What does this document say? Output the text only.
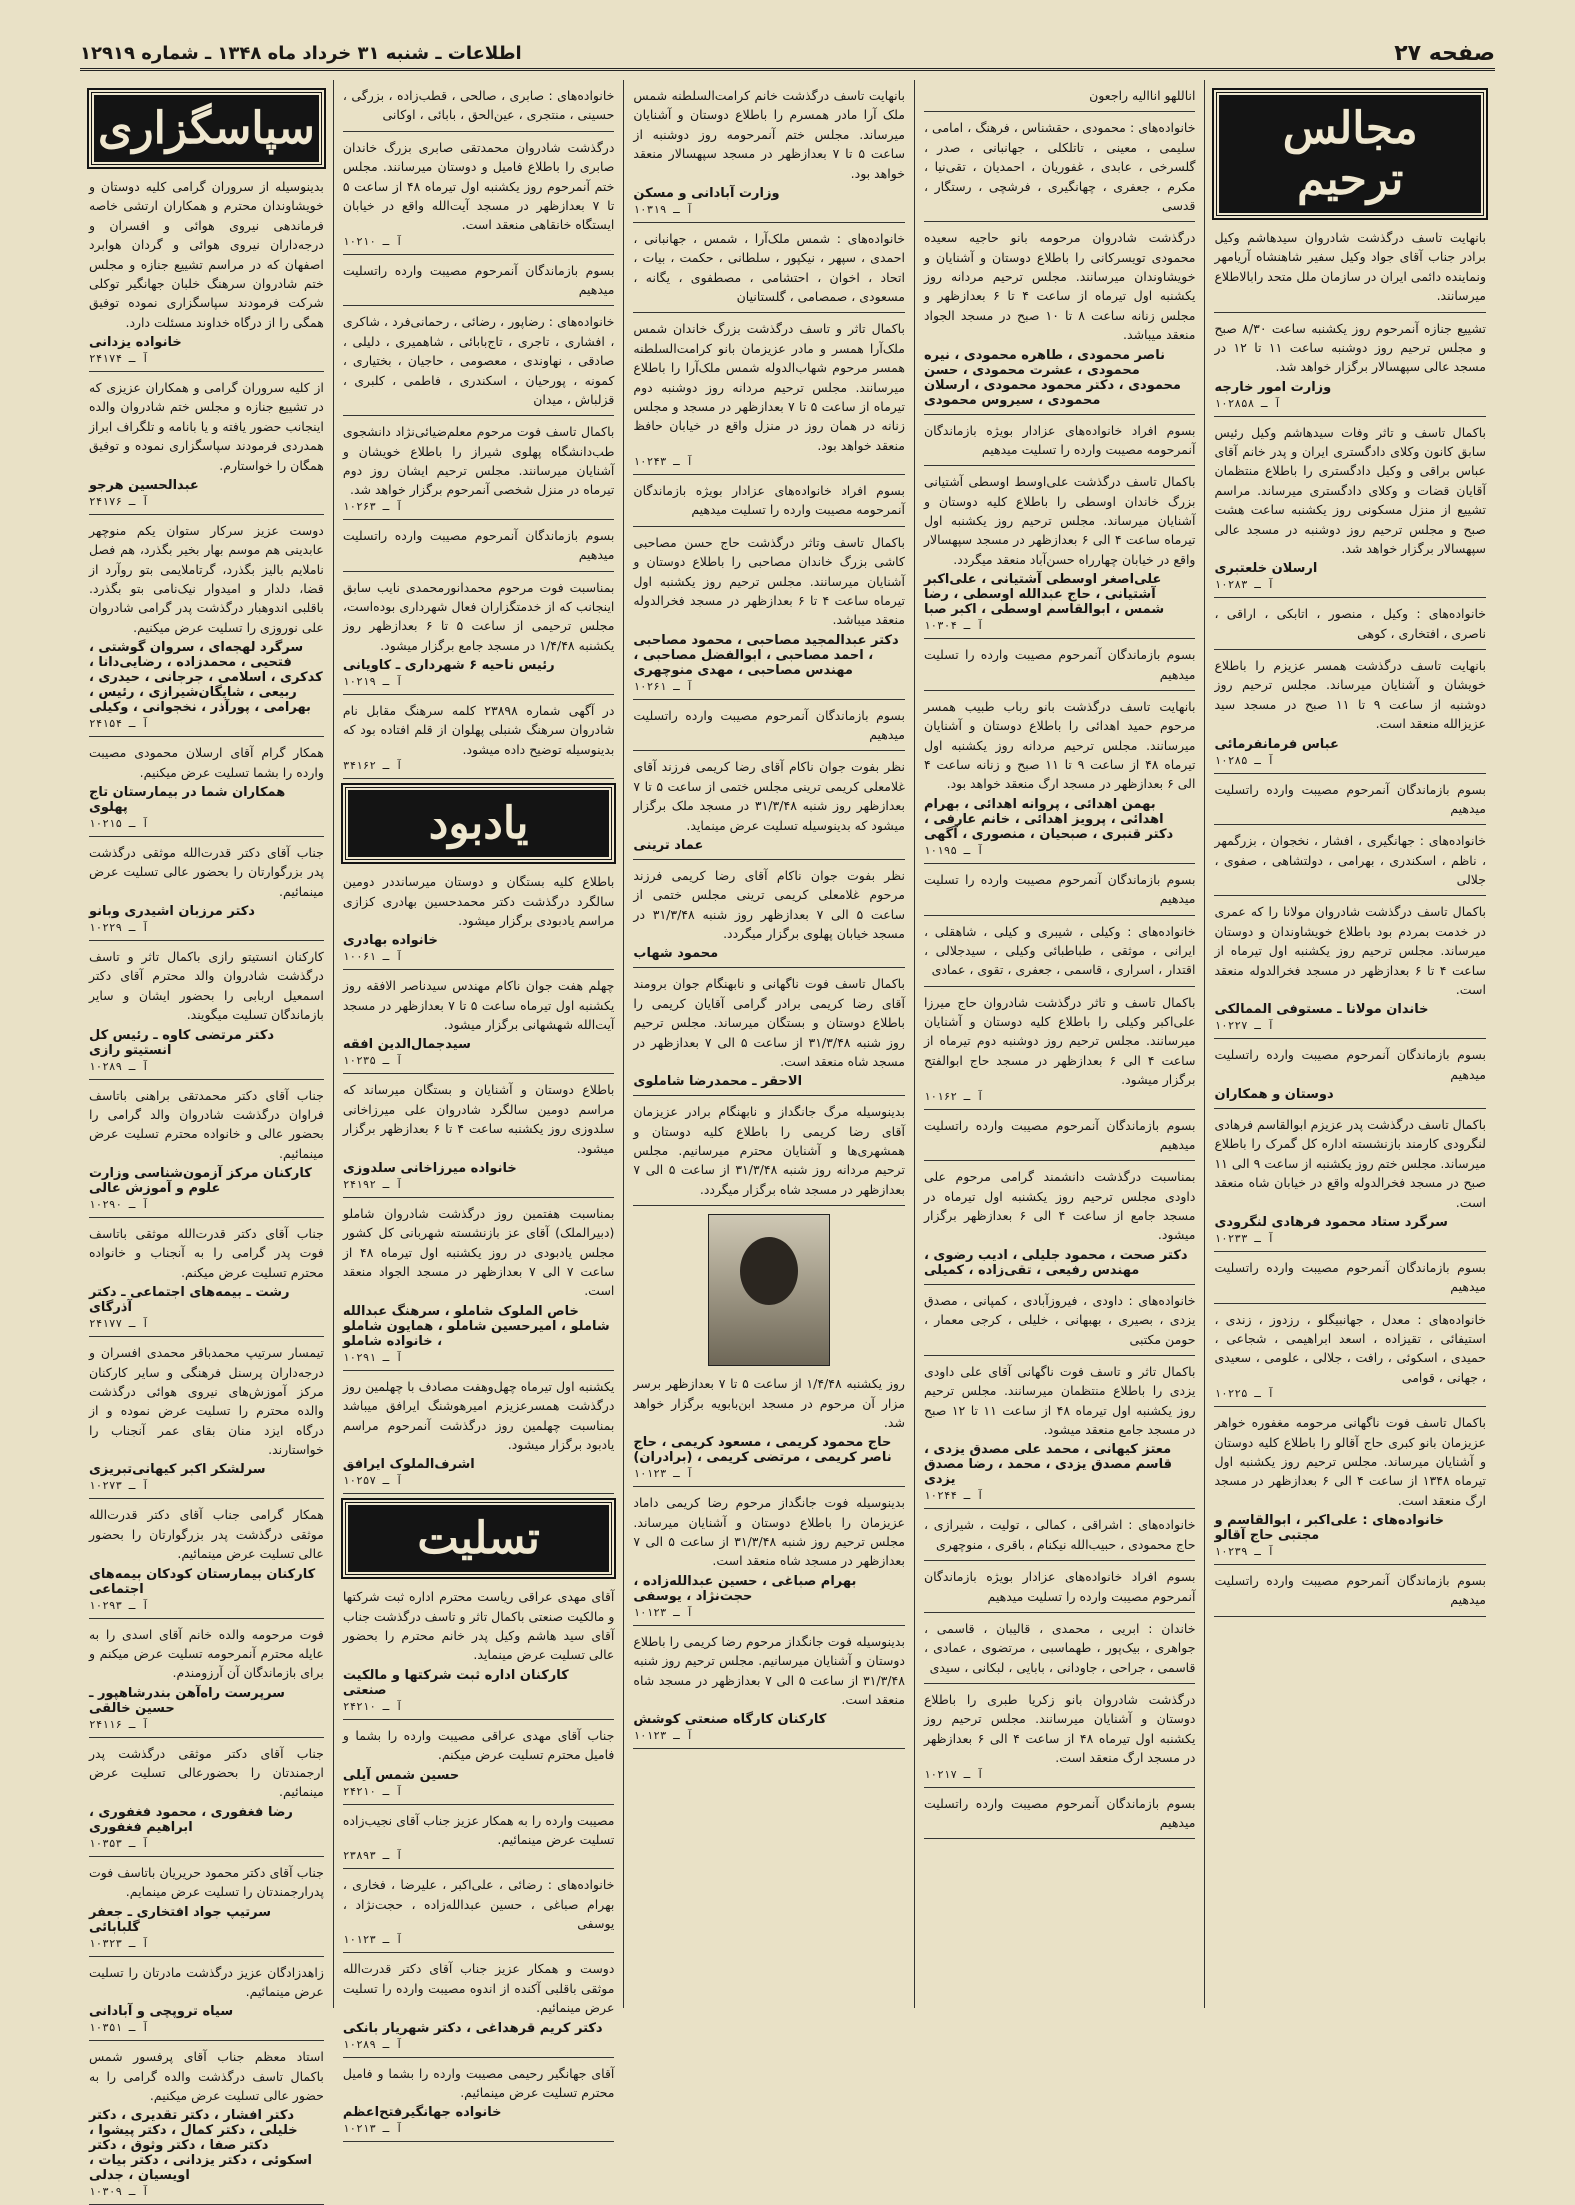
صفحه ۲۷
اطلاعات ـ شنبه ۳۱ خرداد ماه ۱۳۴۸ ـ شماره ۱۲۹۱۹
مجالس ترحیم

بانهایت تاسف درگذشت شادروان سیدهاشم وکیل برادر جناب آقای جواد وکیل سفیر شاهنشاه آریامهر ونماینده دائمی ایران در سازمان ملل متحد رابالاطلاع میرسانند.

تشییع جنازه آنمرحوم روز یکشنبه ساعت ۸/۳۰ صبح و مجلس ترحیم روز دوشنبه ساعت ۱۱ تا ۱۲ در مسجد عالی سپهسالار برگزار خواهد شد.

وزارت امور خارجه
آ ـ ۱۰۲۸۵۸

باکمال تاسف و تاثر وفات سیدهاشم وکیل رئیس سابق کانون وکلای دادگستری ایران و پدر خانم آقای عباس براقی و وکیل دادگستری را باطلاع منتظمان آقایان قضات و وکلای دادگستری میرساند. مراسم تشییع از منزل مسکونی روز یکشنبه ساعت هشت صبح و مجلس ترحیم روز دوشنبه در مسجد عالی سپهسالار برگزار خواهد شد.

ارسلان خلعتبری
آ ـ ۱۰۲۸۳

خانواده‌های : وکیل ، منصور ، اتابکی ، اراقی ، ناصری ، افتخاری ، کوهی

بانهایت تاسف درگذشت همسر عزیزم را باطلاع خویشان و آشنایان میرساند. مجلس ترحیم روز دوشنبه از ساعت ۹ تا ۱۱ صبح در مسجد سید عزیزالله منعقد است.

عباس فرمانفرمائی
آ ـ ۱۰۲۸۵

بسوم بازماندگان آنمرحوم مصیبت وارده راتسلیت میدهیم

خانواده‌های : جهانگیری ، افشار ، نخجوان ، بزرگمهر ، ناظم ، اسکندری ، بهرامی ، دولتشاهی ، صفوی ، جلالی

باکمال تاسف درگذشت شادروان مولانا را که عمری در خدمت بمردم بود باطلاع خویشاوندان و دوستان میرساند. مجلس ترحیم روز یکشنبه اول تیرماه از ساعت ۴ تا ۶ بعدازظهر در مسجد فخرالدوله منعقد است.

خاندان مولانا ـ مستوفی الممالکی
آ ـ ۱۰۲۲۷

بسوم بازماندگان آنمرحوم مصیبت وارده راتسلیت میدهیم

دوستان و همکاران

باکمال تاسف درگذشت پدر عزیزم ابوالقاسم فرهادی لنگرودی کارمند بازنشسته اداره کل گمرک را باطلاع میرساند. مجلس ختم روز یکشنبه از ساعت ۹ الی ۱۱ صبح در مسجد فخرالدوله واقع در خیابان شاه منعقد است.

سرگرد ستاد محمود فرهادی لنگرودی
آ ـ ۱۰۲۳۳

بسوم بازماندگان آنمرحوم مصیبت وارده راتسلیت میدهیم

خانواده‌های : معدل ، جهانبیگلو ، رزدوز ، زندی ، استیفائی ، تقیزاده ، اسعد ابراهیمی ، شجاعی ، حمیدی ، اسکوئی ، رافت ، جلالی ، علومی ، سعیدی ، جهانی ، قوامی

آ ـ ۱۰۲۲۵

باکمال تاسف فوت ناگهانی مرحومه مغفوره خواهر عزیزمان بانو کبری حاج آقالو را باطلاع کلیه دوستان و آشنایان میرساند. مجلس ترحیم روز یکشنبه اول تیرماه ۱۳۴۸ از ساعت ۴ الی ۶ بعدازظهر در مسجد ارگ منعقد است.

خانواده‌های : علی‌اکبر ، ابوالقاسم و مجتبی حاج آقالو
آ ـ ۱۰۲۳۹

بسوم بازماندگان آنمرحوم مصیبت وارده راتسلیت میدهیم

اناللهو اناالیه راجعون

خانواده‌های : محمودی ، حقشناس ، فرهنگ ، امامی ، سلیمی ، معینی ، تاتلکلی ، جهانبانی ، صدر ، گلسرخی ، عابدی ، غفوریان ، احمدیان ، تقی‌نیا ، مکرم ، جعفری ، چهانگیری ، فرشچی ، رستگار ، قدسی

درگذشت شادروان مرحومه بانو حاجیه سعیده محمودی تویسرکانی را باطلاع دوستان و آشنایان و خویشاوندان میرسانند. مجلس ترحیم مردانه روز یکشنبه اول تیرماه از ساعت ۴ تا ۶ بعدازظهر و مجلس زنانه ساعت ۸ تا ۱۰ صبح در مسجد الجواد منعقد میباشد.

ناصر محمودی ، طاهره محمودی ، نیره محمودی ، عشرت محمودی ، حسن محمودی ، دکتر محمود محمودی ، ارسلان محمودی ، سیروس محمودی

بسوم افراد خانواده‌های عزادار بویژه بازماندگان آنمرحومه مصیبت وارده را تسلیت میدهیم

باکمال تاسف درگذشت علی‌اوسط اوسطی آشتیانی بزرگ خاندان اوسطی را باطلاع کلیه دوستان و آشنایان میرساند. مجلس ترحیم روز یکشنبه اول تیرماه ساعت ۴ الی ۶ بعدازظهر در مسجد سپهسالار واقع در خیابان چهارراه حسن‌آباد منعقد میگردد.

علی‌اصغر اوسطی آشتیانی ، علی‌اکبر آشتیانی ، حاج عبدالله اوسطی ، رضا شمس ، ابوالقاسم اوسطی ، اکبر صبا
آ ـ ۱۰۳۰۴

بسوم بازماندگان آنمرحوم مصیبت وارده را تسلیت میدهیم

بانهایت تاسف درگذشت بانو رباب طبیب همسر مرحوم حمید اهدائی را باطلاع دوستان و آشنایان میرسانند. مجلس ترحیم مردانه روز یکشنبه اول تیرماه ۴۸ از ساعت ۹ تا ۱۱ صبح و زنانه ساعت ۴ الی ۶ بعدازظهر در مسجد ارگ منعقد خواهد بود.

بهمن اهدائی ، پروانه اهدائی ، بهرام اهدائی ، پرویز اهدائی ، خانم عارفی ، دکتر قنبری ، صبحیان ، منصوری ، آگهی
آ ـ ۱۰۱۹۵

بسوم بازماندگان آنمرحوم مصیبت وارده را تسلیت میدهیم

خانواده‌های : وکیلی ، شیبری و کیلی ، شاهقلی ، ایرانی ، موثقی ، طباطبائی وکیلی ، سیدجلالی ، اقتدار ، اسراری ، قاسمی ، جعفری ، تقوی ، عمادی

باکمال تاسف و تاثر درگذشت شادروان حاج میرزا علی‌اکبر وکیلی را باطلاع کلیه دوستان و آشنایان میرسانند. مجلس ترحیم روز دوشنبه دوم تیرماه از ساعت ۴ الی ۶ بعدازظهر در مسجد حاج ابوالفتح برگزار میشود.

آ ـ ۱۰۱۶۲

بسوم بازماندگان آنمرحوم مصیبت وارده راتسلیت میدهیم

بمناسبت درگذشت دانشمند گرامی مرحوم علی داودی مجلس ترحیم روز یکشنبه اول تیرماه در مسجد جامع از ساعت ۴ الی ۶ بعدازظهر برگزار میشود.

دکتر صحت ، محمود جلیلی ، ادیب رضوی ، مهندس رفیعی ، تقی‌زاده ، کمیلی

خانواده‌های : داودی ، فیروزآبادی ، کمپانی ، مصدق یزدی ، بصیری ، بهبهانی ، خلیلی ، کرجی معمار ، حومن مکتبی

باکمال تاثر و تاسف فوت ناگهانی آقای علی داودی یزدی را باطلاع منتظمان میرسانند. مجلس ترحیم روز یکشنبه اول تیرماه ۴۸ از ساعت ۱۱ تا ۱۲ صبح در مسجد جامع منعقد میشود.

معتز کیهانی ، محمد علی مصدق یزدی ، قاسم مصدق یزدی ، محمد ، رضا مصدق یزدی
آ ـ ۱۰۲۴۴

خانواده‌های : اشراقی ، کمالی ، تولیت ، شیرازی ، حاج محمودی ، حبیب‌الله نیکنام ، باقری ، منوچهری

بسوم افراد خانواده‌های عزادار بویژه بازماندگان آنمرحوم مصیبت وارده را تسلیت میدهیم

خاندان : ابریی ، محمدی ، قالیبان ، قاسمی ، جواهری ، بیک‌پور ، طهماسبی ، مرتضوی ، عمادی ، قاسمی ، جراحی ، جاودانی ، بابایی ، لبکانی ، سیدی

درگذشت شادروان بانو زکریا طبری را باطلاع دوستان و آشنایان میرسانند. مجلس ترحیم روز یکشنبه اول تیرماه ۴۸ از ساعت ۴ الی ۶ بعدازظهر در مسجد ارگ منعقد است.

آ ـ ۱۰۲۱۷

بسوم بازماندگان آنمرحوم مصیبت وارده راتسلیت میدهیم

بانهایت تاسف درگذشت خانم کرامت‌السلطنه شمس ملک آرا مادر همسرم را باطلاع دوستان و آشنایان میرساند. مجلس ختم آنمرحومه روز دوشنبه از ساعت ۵ تا ۷ بعدازظهر در مسجد سپهسالار منعقد خواهد بود.

وزارت آبادانی و مسکن
آ ـ ۱۰۳۱۹

خانواده‌های : شمس ملک‌آرا ، شمس ، جهانبانی ، احمدی ، سپهر ، نیکپور ، سلطانی ، حکمت ، بیات ، اتحاد ، اخوان ، احتشامی ، مصطفوی ، یگانه ، مسعودی ، صمصامی ، گلستانیان

باکمال تاثر و تاسف درگذشت بزرگ خاندان شمس ملک‌آرا همسر و مادر عزیزمان بانو کرامت‌السلطنه همسر مرحوم شهاب‌الدوله شمس ملک‌آرا را باطلاع میرسانند. مجلس ترحیم مردانه روز دوشنبه دوم تیرماه از ساعت ۵ تا ۷ بعدازظهر در مسجد و مجلس زنانه در همان روز در منزل واقع در خیابان حافظ منعقد خواهد بود.

آ ـ ۱۰۲۴۳

بسوم افراد خانواده‌های عزادار بویژه بازماندگان آنمرحومه مصیبت وارده را تسلیت میدهیم

باکمال تاسف وتاثر درگذشت حاج حسن مصاحبی کاشی بزرگ خاندان مصاحبی را باطلاع دوستان و آشنایان میرسانند. مجلس ترحیم روز یکشنبه اول تیرماه ساعت ۴ تا ۶ بعدازظهر در مسجد فخرالدوله منعقد میباشد.

دکتر عبدالمجید مصاحبی ، محمود مصاحبی ، احمد مصاحبی ، ابوالفضل مصاحبی ، مهندس مصاحبی ، مهدی منوچهری
آ ـ ۱۰۲۶۱

بسوم بازماندگان آنمرحوم مصیبت وارده راتسلیت میدهیم

نظر بفوت جوان ناکام آقای رضا کریمی فرزند آقای غلامعلی کریمی ترینی مجلس ختمی از ساعت ۵ تا ۷ بعدازظهر روز شنبه ۳۱/۳/۴۸ در مسجد ملک برگزار میشود که بدینوسیله تسلیت عرض مینماید.

عماد ترینی

نظر بفوت جوان ناکام آقای رضا کریمی فرزند مرحوم غلامعلی کریمی ترینی مجلس ختمی از ساعت ۵ الی ۷ بعدازظهر روز شنبه ۳۱/۳/۴۸ در مسجد خیابان پهلوی برگزار میگردد.

محمود شهاب

باکمال تاسف فوت ناگهانی و نابهنگام جوان برومند آقای رضا کریمی برادر گرامی آقایان کریمی را باطلاع دوستان و بستگان میرساند. مجلس ترحیم روز شنبه ۳۱/۳/۴۸ از ساعت ۵ الی ۷ بعدازظهر در مسجد شاه منعقد است.

الاحقر ـ محمدرضا شاملوی

بدینوسیله مرگ جانگداز و نابهنگام برادر عزیزمان آقای رضا کریمی را باطلاع کلیه دوستان و همشهری‌ها و آشنایان محترم میرسانیم. مجلس ترحیم مردانه روز شنبه ۳۱/۳/۴۸ از ساعت ۵ الی ۷ بعدازظهر در مسجد شاه برگزار میگردد.

روز یکشنبه ۱/۴/۴۸ از ساعت ۵ تا ۷ بعدازظهر برسر مزار آن مرحوم در مسجد ابن‌بابویه برگزار خواهد شد.

حاج محمود کریمی ، مسعود کریمی ، حاج ناصر کریمی ، مرتضی کریمی ، (برادران)
آ ـ ۱۰۱۲۳

بدینوسیله فوت جانگداز مرحوم رضا کریمی داماد عزیزمان را باطلاع دوستان و آشنایان میرساند. مجلس ترحیم روز شنبه ۳۱/۳/۴۸ از ساعت ۵ الی ۷ بعدازظهر در مسجد شاه منعقد است.

بهرام صباغی ، حسین عبدالله‌زاده ، حجت‌نژاد ، یوسفی
آ ـ ۱۰۱۲۳

بدینوسیله فوت جانگداز مرحوم رضا کریمی را باطلاع دوستان و آشنایان میرسانیم. مجلس ترحیم روز شنبه ۳۱/۳/۴۸ از ساعت ۵ الی ۷ بعدازظهر در مسجد شاه منعقد است.

کارکنان کارگاه صنعتی کوشش
آ ـ ۱۰۱۲۳

خانواده‌های : صابری ، صالحی ، قطب‌زاده ، بزرگی ، حسینی ، منتجری ، عین‌الحق ، بابائی ، اوکانی

درگذشت شادروان محمدتقی صابری بزرگ خاندان صابری را باطلاع فامیل و دوستان میرسانند. مجلس ختم آنمرحوم روز یکشنبه اول تیرماه ۴۸ از ساعت ۵ تا ۷ بعدازظهر در مسجد آیت‌الله واقع در خیابان ایستگاه خانقاهی منعقد است.

آ ـ ۱۰۲۱۰

بسوم بازماندگان آنمرحوم مصیبت وارده راتسلیت میدهیم

خانواده‌های : رضاپور ، رضائی ، رحمانی‌فرد ، شاکری ، افشاری ، تاجری ، تاج‌بابائی ، شاهمیری ، دلیلی ، صادقی ، نهاوندی ، معصومی ، حاجیان ، بختیاری ، کمونه ، پورحیان ، اسکندری ، فاطمی ، کلبری ، قزلباش ، میدان

باکمال تاسف فوت مرحوم معلم‌ضیائی‌نژاد دانشجوی طب‌دانشگاه پهلوی شیراز را باطلاع خویشان و آشنایان میرسانند. مجلس ترحیم ایشان روز دوم تیرماه در منزل شخصی آنمرحوم برگزار خواهد شد.

آ ـ ۱۰۲۶۳

بسوم بازماندگان آنمرحوم مصیبت وارده راتسلیت میدهیم

بمناسبت فوت مرحوم محمدانورمحمدی نایب سابق اینجانب که از خدمتگزاران فعال شهرداری بوده‌است، مجلس ترحیمی از ساعت ۵ تا ۶ بعدازظهر روز یکشنبه ۱/۴/۴۸ در مسجد جامع برگزار میشود.

رئیس ناحیه ۶ شهرداری ـ کاویانی
آ ـ ۱۰۲۱۹

در آگهی شماره ۲۳۸۹۸ کلمه سرهنگ مقابل نام شادروان سرهنگ شنبلی پهلوان از قلم افتاده بود که بدینوسیله توضیح داده میشود.

آ ـ ۳۴۱۶۲
یادبود

باطلاع کلیه بستگان و دوستان میرسانددر دومین سالگرد درگذشت دکتر محمدحسین بهادری کزازی مراسم یادبودی برگزار میشود.

خانواده بهادری
آ ـ ۱۰۰۶۱

چهلم هفت جوان ناکام مهندس سیدناصر الافقه روز یکشنبه اول تیرماه ساعت ۵ تا ۷ بعدازظهر در مسجد آیت‌الله شهشهانی برگزار میشود.

سیدجمال‌الدین افقه
آ ـ ۱۰۲۳۵

باطلاع دوستان و آشنایان و بستگان میرساند که مراسم دومین سالگرد شادروان علی میرزاخانی سلدوزی روز یکشنبه ساعت ۴ تا ۶ بعدازظهر برگزار میشود.

خانواده میرزاخانی سلدوزی
آ ـ ۲۴۱۹۲

بمناسبت هفتمین روز درگذشت شادروان شاملو (دبیرالملک) آقای عز بازنشسته شهربانی کل کشور مجلس یادبودی در روز یکشنبه اول تیرماه ۴۸ از ساعت ۷ الی ۷ بعدازظهر در مسجد الجواد منعقد است.

خاص الملوک شاملو ، سرهنگ عبدالله شاملو ، امیرحسین شاملو ، همایون شاملو ، خانواده شاملو
آ ـ ۱۰۲۹۱

یکشنبه اول تیرماه چهل‌وهفت مصادف با چهلمین روز درگذشت همسرعزیزم امیرهوشنگ ایرافق میباشد بمناسبت چهلمین روز درگذشت آنمرحوم مراسم یادبود برگزار میشود.

اشرف‌الملوک ایرافق
آ ـ ۱۰۲۵۷
تسلیت

آقای مهدی عراقی ریاست محترم اداره ثبت شرکتها و مالکیت صنعتی باکمال تاثر و تاسف درگذشت جناب آقای سید هاشم وکیل پدر خانم محترم را بحضور عالی تسلیت عرض مینماید.

کارکنان اداره ثبت شرکتها و مالکیت صنعتی
آ ـ ۲۴۲۱۰

جناب آقای مهدی عراقی مصیبت وارده را بشما و فامیل محترم تسلیت عرض میکنم.

حسین شمس آیلی
آ ـ ۲۴۲۱۰

مصیبت وارده را به همکار عزیز جناب آقای نجیب‌زاده تسلیت عرض مینمائیم.

آ ـ ۲۳۸۹۳

خانواده‌های : رضائی ، علی‌اکبر ، علیرضا ، فخاری ، بهرام صباغی ، حسین عبدالله‌زاده ، حجت‌نژاد ، یوسفی

آ ـ ۱۰۱۲۳

دوست و همکار عزیز جناب آقای دکتر قدرت‌الله موثقی باقلبی آکنده از اندوه مصیبت وارده را تسلیت عرض مینمائیم.

دکتر کریم قرهداغی ، دکتر شهریار بانکی
آ ـ ۱۰۲۸۹

آقای جهانگیر رحیمی مصیبت وارده را بشما و فامیل محترم تسلیت عرض مینمائیم.

خانواده جهانگیرفتح‌اعظم
آ ـ ۱۰۲۱۳
سپاسگزاری

بدینوسیله از سروران گرامی کلیه دوستان و خویشاوندان محترم و همکاران ارتشی خاصه فرماندهی نیروی هوائی و افسران و درجه‌داران نیروی هوائی و گردان هوابرد اصفهان که در مراسم تشییع جنازه و مجلس ختم شادروان سرهنگ خلبان جهانگیر توکلی شرکت فرمودند سپاسگزاری نموده توفیق همگی را از درگاه خداوند مسئلت دارد.

خانواده یزدانی
آ ـ ۲۴۱۷۴

از کلیه سروران گرامی و همکاران عزیزی که در تشییع جنازه و مجلس ختم شادروان والده اینجانب حضور یافته و یا بانامه و تلگراف ابراز همدردی فرمودند سپاسگزاری نموده و توفیق همگان را خواستارم.

عبدالحسین هرجو
آ ـ ۲۴۱۷۶

دوست عزیز سرکار ستوان یکم منوچهر عابدینی هم موسم بهار بخیر بگذرد، هم فصل ناملایم بالیز بگذرد، گرتاملایمی بتو روآرد از قضا، دلدار و امیدوار نیک‌نامی بتو بگذرد. باقلبی اندوهبار درگذشت پدر گرامی شادروان علی نوروزی را تسلیت عرض میکنیم.

سرگرد لهجه‌ای ، سروان گوشتی ، فتحیی ، محمدزاده ، رضایی‌دانا ، کدکری ، اسلامی ، جرجانی ، حیدری ، ربیعی ، شایگان‌شیرازی ، رئیس ، بهرامی ، پورآذر ، نخجوانی ، وکیلی
آ ـ ۲۴۱۵۴

همکار گرام آقای ارسلان محمودی مصیبت وارده را بشما تسلیت عرض میکنیم.

همکاران شما در بیمارستان تاج پهلوی
آ ـ ۱۰۲۱۵

جناب آقای دکتر قدرت‌الله موثقی درگذشت پدر بزرگوارتان را بحضور عالی تسلیت عرض مینمائیم.

دکتر مرزبان اشیدری وبانو
آ ـ ۱۰۲۲۹

کارکنان انستیتو رازی باکمال تاثر و تاسف درگذشت شادروان والد محترم آقای دکتر اسمعیل اربابی را بحضور ایشان و سایر بازماندگان تسلیت میگویند.

دکتر مرتضی کاوه ـ رئیس کل انستیتو رازی
آ ـ ۱۰۲۸۹

جناب آقای دکتر محمدتقی براهنی باتاسف فراوان درگذشت شادروان والد گرامی را بحضور عالی و خانواده محترم تسلیت عرض مینمائیم.

کارکنان مرکز آزمون‌شناسی وزارت علوم و آموزش عالی
آ ـ ۱۰۲۹۰

جناب آقای دکتر قدرت‌الله موثقی باتاسف فوت پدر گرامی را به آنجناب و خانواده محترم تسلیت عرض میکنم.

رشت ـ بیمه‌های اجتماعی ـ دکتر آذرگای
آ ـ ۲۴۱۷۷

تیمسار سرتیپ محمدباقر محمدی افسران و درجه‌داران پرسنل فرهنگی و سایر کارکنان مرکز آموزش‌های نیروی هوائی درگذشت والده محترم را تسلیت عرض نموده و از درگاه ایزد منان بقای عمر آنجناب را خواستارند.

سرلشکر اکبر کیهانی‌تبریزی
آ ـ ۱۰۲۷۳

همکار گرامی جناب آقای دکتر قدرت‌الله موثقی درگذشت پدر بزرگوارتان را بحضور عالی تسلیت عرض مینمائیم.

کارکنان بیمارستان کودکان بیمه‌های اجتماعی
آ ـ ۱۰۲۹۳

فوت مرحومه والده خانم آقای اسدی را به عایله محترم آنمرحومه تسلیت عرض میکنم و برای بازماندگان آن آرزومندم.

سرپرست راه‌آهن بندرشاهپور ـ حسین خالقی
آ ـ ۲۴۱۱۶

جناب آقای دکتر موثقی درگذشت پدر ارجمندتان را بحضورعالی تسلیت عرض مینمائیم.

رضا فغفوری ، محمود فغفوری ، ابراهیم فغفوری
آ ـ ۱۰۳۵۳

جناب آقای دکتر محمود حریریان باتاسف فوت پدرارجمندتان را تسلیت عرض مینمایم.

سرتیپ جواد افتخاری ـ جعفر گلبابائی
آ ـ ۱۰۳۲۳

زاهدزادگان عزیز درگذشت مادرتان را تسلیت عرض مینمائیم.

سیاه تروپچی و آبادانی
آ ـ ۱۰۳۵۱

استاد معظم جناب آقای پرفسور شمس باکمال تاسف درگذشت والده گرامی را به حضور عالی تسلیت عرض میکنیم.

دکتر افشار ، دکتر تقدیری ، دکتر خلیلی ، دکتر کمال ، دکتر پیشوا ، دکتر صفا ، دکتر وثوق ، دکتر اسکوئی ، دکتر یزدانی ، دکتر بیات ، اویسیان ، جدلی
آ ـ ۱۰۳۰۹
